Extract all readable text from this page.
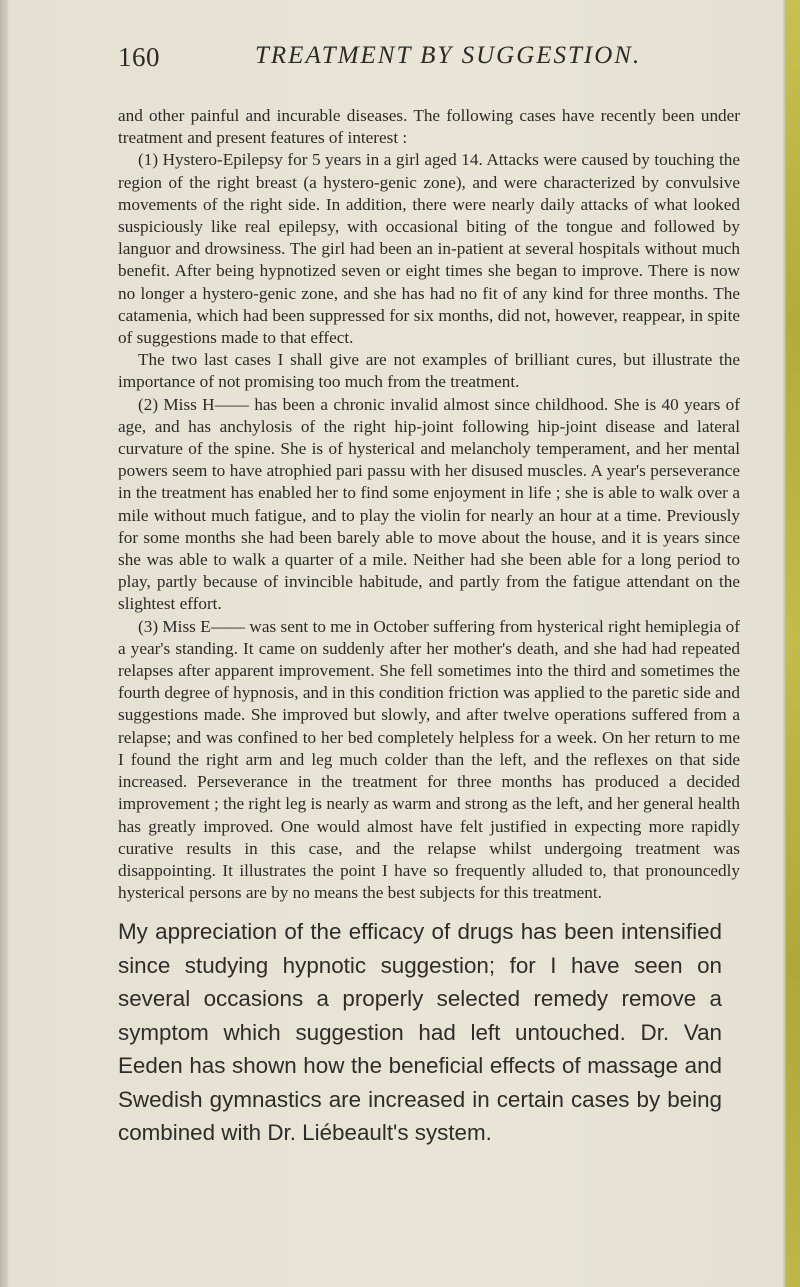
160	TREATMENT BY SUGGESTION.

and other painful and incurable diseases. The following cases have recently been under treatment and present features of interest :

(1) Hystero-Epilepsy for 5 years in a girl aged 14. Attacks were caused by touching the region of the right breast (a hystero-genic zone), and were characterized by convulsive movements of the right side. In addition, there were nearly daily attacks of what looked suspiciously like real epilepsy, with occasional biting of the tongue and followed by languor and drowsiness. The girl had been an in-patient at several hospitals without much benefit. After being hypnotized seven or eight times she began to improve. There is now no longer a hystero-genic zone, and she has had no fit of any kind for three months. The catamenia, which had been suppressed for six months, did not, however, reappear, in spite of suggestions made to that effect.

The two last cases I shall give are not examples of brilliant cures, but illustrate the importance of not promising too much from the treatment.

(2) Miss H—— has been a chronic invalid almost since childhood. She is 40 years of age, and has anchylosis of the right hip-joint following hip-joint disease and lateral curvature of the spine. She is of hysterical and melancholy temperament, and her mental powers seem to have atrophied pari passu with her disused muscles. A year's perseverance in the treatment has enabled her to find some enjoyment in life ; she is able to walk over a mile without much fatigue, and to play the violin for nearly an hour at a time. Previously for some months she had been barely able to move about the house, and it is years since she was able to walk a quarter of a mile. Neither had she been able for a long period to play, partly because of invincible habitude, and partly from the fatigue attendant on the slightest effort.

(3) Miss E—— was sent to me in October suffering from hysterical right hemiplegia of a year's standing. It came on suddenly after her mother's death, and she had had repeated relapses after apparent improvement. She fell sometimes into the third and sometimes the fourth degree of hypnosis, and in this condition friction was applied to the paretic side and suggestions made. She improved but slowly, and after twelve operations suffered from a relapse; and was confined to her bed completely helpless for a week. On her return to me I found the right arm and leg much colder than the left, and the reflexes on that side increased. Perseverance in the treatment for three months has produced a decided improvement ; the right leg is nearly as warm and strong as the left, and her general health has greatly improved. One would almost have felt justified in expecting more rapidly curative results in this case, and the relapse whilst undergoing treatment was disappointing. It illustrates the point I have so frequently alluded to, that pronouncedly hysterical persons are by no means the best subjects for this treatment.

My appreciation of the efficacy of drugs has been intensified since studying hypnotic suggestion; for I have seen on several occasions a properly selected remedy remove a symptom which suggestion had left untouched. Dr. Van Eeden has shown how the beneficial effects of massage and Swedish gymnastics are increased in certain cases by being combined with Dr. Liébeault's system.
